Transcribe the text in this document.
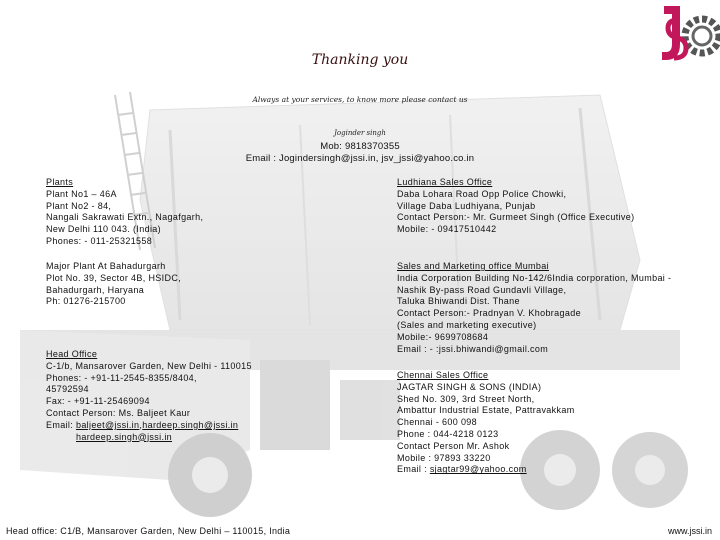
Thanking you
Always at your services, to know more please contact us
Joginder singh
Mob: 9818370355
Email : Jogindersingh@jssi.in, jsv_jssi@yahoo.co.in
Plants
Plant No1 – 46A
Plant No2 - 84,
Nangali Sakrawati Extn., Nagafgarh,
New Delhi 110 043. (India)
Phones: - 011-25321558
Major Plant At Bahadurgarh
Plot No. 39, Sector 4B, HSIDC,
Bahadurgarh, Haryana
Ph: 01276-215700
Head Office
C-1/b, Mansarover Garden, New Delhi - 110015
Phones: - +91-11-2545-8355/8404,
45792594
Fax: - +91-11-25469094
Contact Person: Ms. Baljeet Kaur
Email: baljeet@jssi.in,hardeep.singh@jssi.in
hardeep.singh@jssi.in
Ludhiana Sales Office
Daba Lohara Road Opp Police Chowki,
Village Daba Ludhiyana, Punjab
Contact Person:- Mr. Gurmeet Singh (Office Executive)
Mobile: - 09417510442
Sales and Marketing office Mumbai
India Corporation Building No-142/6India corporation, Mumbai -
Nashik By-pass Road Gundavli Village,
Taluka Bhiwandi Dist. Thane
Contact Person:- Pradnyan V. Khobragade
(Sales and marketing executive)
Mobile:- 9699708684
Email : - :jssi.bhiwandi@gmail.com
Chennai Sales Office
JAGTAR SINGH & SONS (INDIA)
Shed No. 309, 3rd Street North,
Ambattur Industrial Estate, Pattravakkam
Chennai - 600 098
Phone : 044-4218 0123
Contact Person Mr. Ashok
Mobile : 97893 33220
Email : sjagtar99@yahoo.com
Head office: C1/B, Mansarover Garden, New Delhi – 110015, India	www.jssi.in
